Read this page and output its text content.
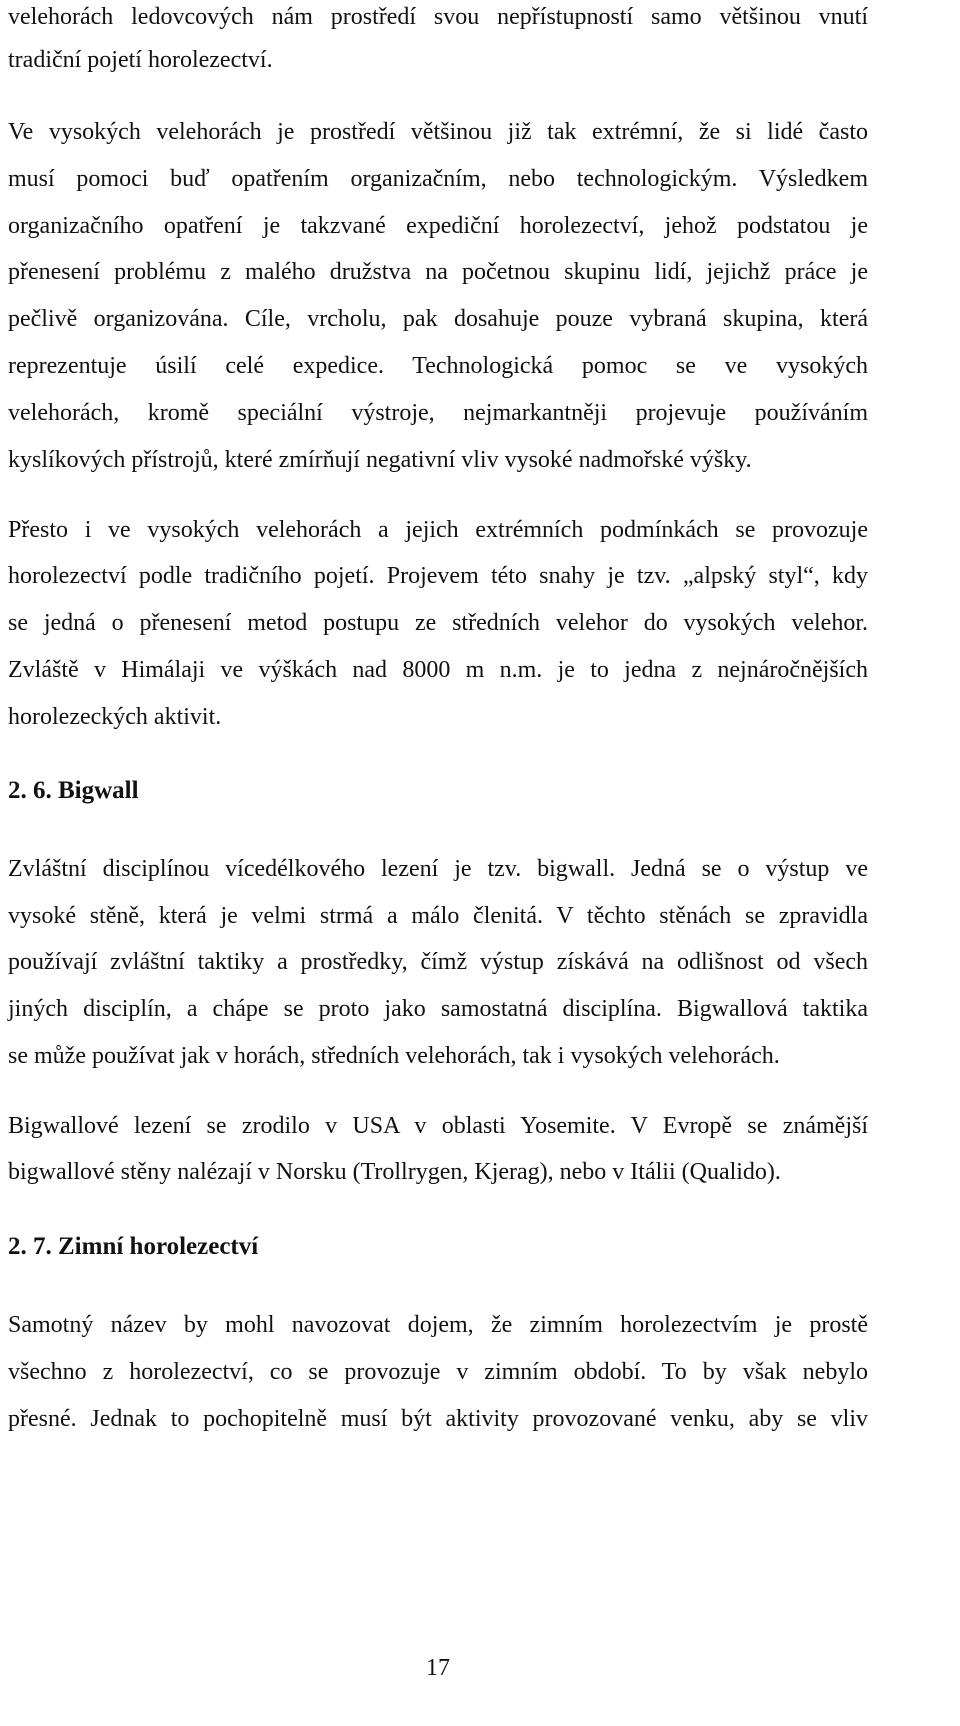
velehorách ledovcových nám prostředí svou nepřístupností samo většinou vnutí
tradiční pojetí horolezectví.
Ve vysokých velehorách je prostředí většinou již tak extrémní, že si lidé často
musí pomoci buď opatřením organizačním, nebo technologickým. Výsledkem
organizačního opatření je takzvané expediční horolezectví, jehož podstatou je
přenesení problému z malého družstva na početnou skupinu lidí, jejichž práce je
pečlivě organizována. Cíle, vrcholu, pak dosahuje pouze vybraná skupina, která
reprezentuje úsilí celé expedice. Technologická pomoc se ve vysokých
velehorách, kromě speciální výstroje, nejmarkantněji projevuje používáním
kyslíkových přístrojů, které zmírňují negativní vliv vysoké nadmořské výšky.
Přesto i ve vysokých velehorách a jejich extrémních podmínkách se provozuje
horolezectví podle tradičního pojetí. Projevem této snahy je tzv. „alpský styl“, kdy
se jedná o přenesení metod postupu ze středních velehor do vysokých velehor.
Zvláště v Himálaji ve výškách nad 8000 m n.m. je to jedna z nejnáročnějších
horolezeckých aktivit.
2. 6. Bigwall
Zvláštní disciplínou vícedélkového lezení je tzv. bigwall. Jedná se o výstup ve
vysoké stěně, která je velmi strmá a málo členitá. V těchto stěnách se zpravidla
používají zvláštní taktiky a prostředky, čímž výstup získává na odlišnost od všech
jiných disciplín, a chápe se proto jako samostatná disciplína. Bigwallová taktika
se může používat jak v horách, středních velehorách, tak i vysokých velehorách.
Bigwallové lezení se zrodilo v USA v oblasti Yosemite. V Evropě se známější
bigwallové stěny nalézají v Norsku (Trollrygen, Kjerag), nebo v Itálii (Qualido).
2. 7. Zimní horolezectví
Samotný název by mohl navozovat dojem, že zimním horolezectvím je prostě
všechno z horolezectví, co se provozuje v zimním období. To by však nebylo
přesné. Jednak to pochopitelně musí být aktivity provozované venku, aby se vliv
17
